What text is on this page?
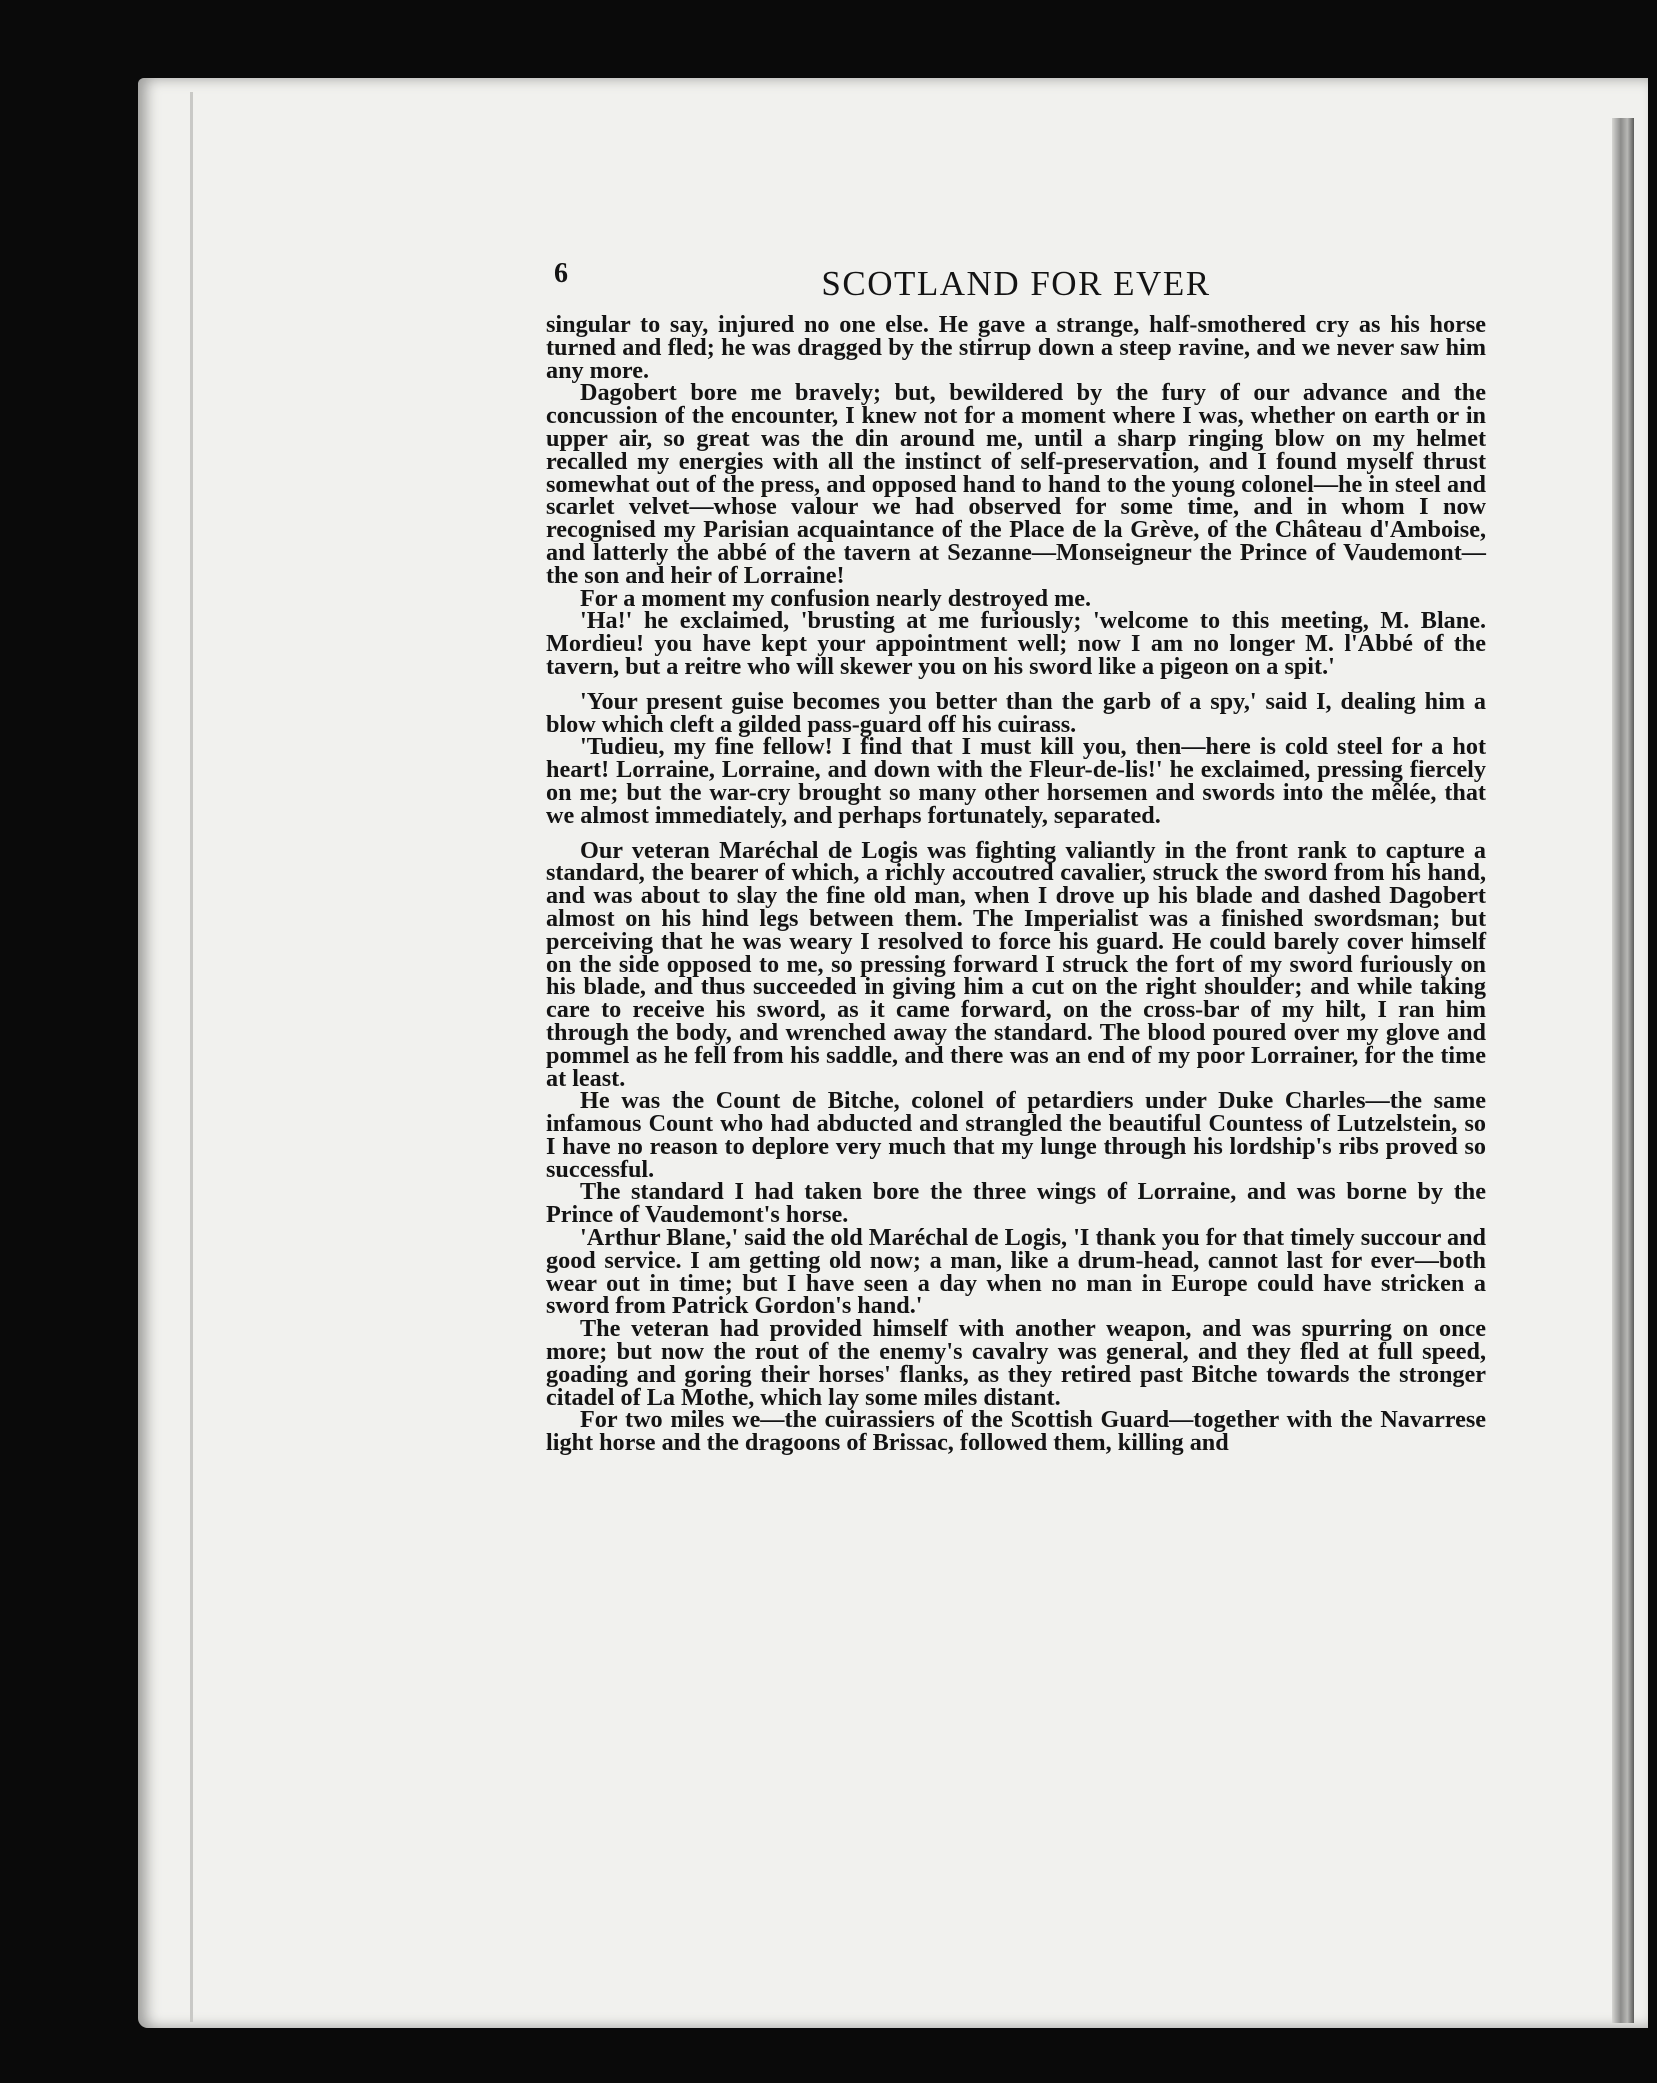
6	SCOTLAND FOR EVER

singular to say, injured no one else. He gave a strange, half-smothered cry as his horse turned and fled; he was dragged by the stirrup down a steep ravine, and we never saw him any more.

Dagobert bore me bravely; but, bewildered by the fury of our advance and the concussion of the encounter, I knew not for a moment where I was, whether on earth or in upper air, so great was the din around me, until a sharp ringing blow on my helmet recalled my energies with all the instinct of self-preservation, and I found myself thrust somewhat out of the press, and opposed hand to hand to the young colonel—he in steel and scarlet velvet—whose valour we had observed for some time, and in whom I now recognised my Parisian acquaintance of the Place de la Grève, of the Château d'Amboise, and latterly the abbé of the tavern at Sezanne—Monseigneur the Prince of Vaudemont—the son and heir of Lorraine!

For a moment my confusion nearly destroyed me.

'Ha!' he exclaimed, 'brusting at me furiously; 'welcome to this meeting, M. Blane. Mordieu! you have kept your appointment well; now I am no longer M. l'Abbé of the tavern, but a reitre who will skewer you on his sword like a pigeon on a spit.'

'Your present guise becomes you better than the garb of a spy,' said I, dealing him a blow which cleft a gilded pass-guard off his cuirass.

'Tudieu, my fine fellow! I find that I must kill you, then—here is cold steel for a hot heart! Lorraine, Lorraine, and down with the Fleur-de-lis!' he exclaimed, pressing fiercely on me; but the war-cry brought so many other horsemen and swords into the mêlée, that we almost immediately, and perhaps fortunately, separated.

Our veteran Maréchal de Logis was fighting valiantly in the front rank to capture a standard, the bearer of which, a richly accoutred cavalier, struck the sword from his hand, and was about to slay the fine old man, when I drove up his blade and dashed Dagobert almost on his hind legs between them. The Imperialist was a finished swordsman; but perceiving that he was weary I resolved to force his guard. He could barely cover himself on the side opposed to me, so pressing forward I struck the fort of my sword furiously on his blade, and thus succeeded in giving him a cut on the right shoulder; and while taking care to receive his sword, as it came forward, on the cross-bar of my hilt, I ran him through the body, and wrenched away the standard. The blood poured over my glove and pommel as he fell from his saddle, and there was an end of my poor Lorrainer, for the time at least.

He was the Count de Bitche, colonel of petardiers under Duke Charles—the same infamous Count who had abducted and strangled the beautiful Countess of Lutzelstein, so I have no reason to deplore very much that my lunge through his lordship's ribs proved so successful.

The standard I had taken bore the three wings of Lorraine, and was borne by the Prince of Vaudemont's horse.

'Arthur Blane,' said the old Maréchal de Logis, 'I thank you for that timely succour and good service. I am getting old now; a man, like a drum-head, cannot last for ever—both wear out in time; but I have seen a day when no man in Europe could have stricken a sword from Patrick Gordon's hand.'

The veteran had provided himself with another weapon, and was spurring on once more; but now the rout of the enemy's cavalry was general, and they fled at full speed, goading and goring their horses' flanks, as they retired past Bitche towards the stronger citadel of La Mothe, which lay some miles distant.

For two miles we—the cuirassiers of the Scottish Guard—together with the Navarrese light horse and the dragoons of Brissac, followed them, killing and
